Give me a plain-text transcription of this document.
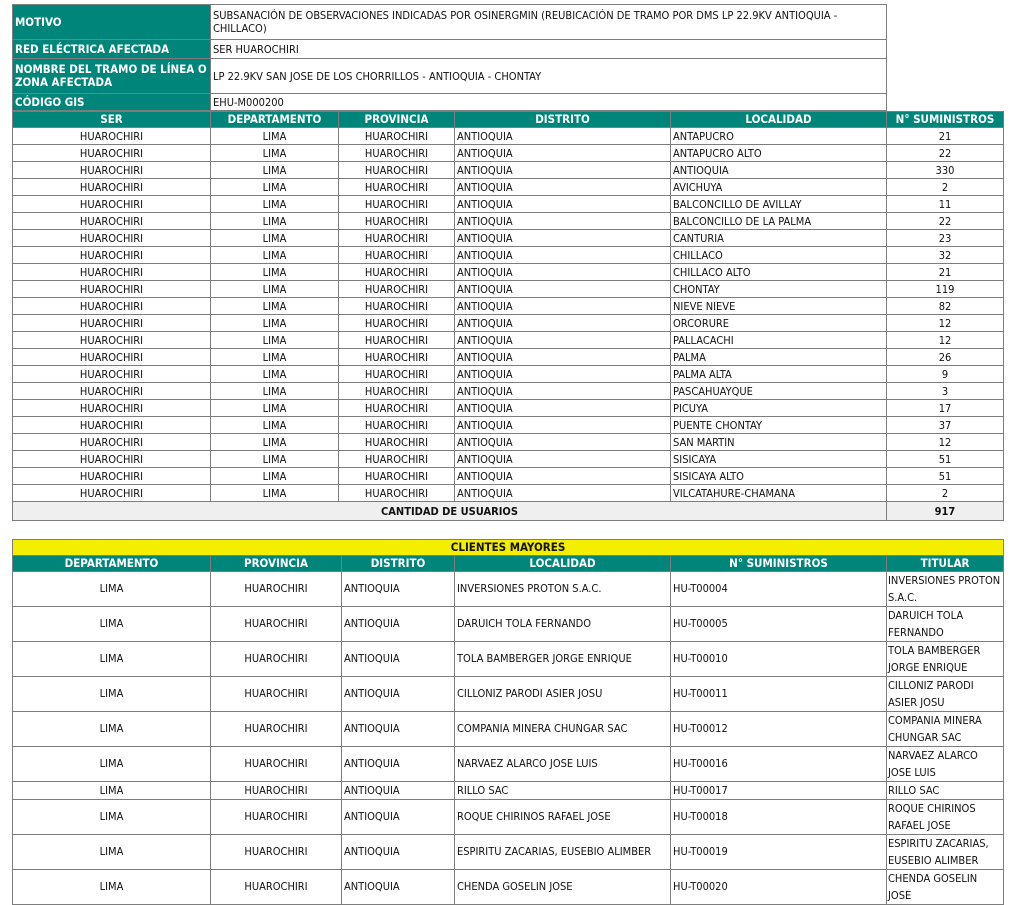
MOTIVO	SUBSANACIÓN DE OBSERVACIONES INDICADAS POR OSINERGMIN (REUBICACIÓN DE TRAMO POR DMS LP 22.9KV ANTIOQUIA - CHILLACO)
RED ELÉCTRICA AFECTADA	SER HUAROCHIRI
NOMBRE DEL TRAMO DE LÍNEA O ZONA AFECTADA	LP 22.9KV SAN JOSE DE LOS CHORRILLOS - ANTIOQUIA - CHONTAY
CÓDIGO GIS	EHU-M000200
SER	DEPARTAMENTO	PROVINCIA	DISTRITO	LOCALIDAD	N° SUMINISTROS
HUAROCHIRI	LIMA	HUAROCHIRI	ANTIOQUIA	ANTAPUCRO	21
HUAROCHIRI	LIMA	HUAROCHIRI	ANTIOQUIA	ANTAPUCRO ALTO	22
HUAROCHIRI	LIMA	HUAROCHIRI	ANTIOQUIA	ANTIOQUIA	330
HUAROCHIRI	LIMA	HUAROCHIRI	ANTIOQUIA	AVICHUYA	2
HUAROCHIRI	LIMA	HUAROCHIRI	ANTIOQUIA	BALCONCILLO DE AVILLAY	11
HUAROCHIRI	LIMA	HUAROCHIRI	ANTIOQUIA	BALCONCILLO DE LA PALMA	22
HUAROCHIRI	LIMA	HUAROCHIRI	ANTIOQUIA	CANTURIA	23
HUAROCHIRI	LIMA	HUAROCHIRI	ANTIOQUIA	CHILLACO	32
HUAROCHIRI	LIMA	HUAROCHIRI	ANTIOQUIA	CHILLACO ALTO	21
HUAROCHIRI	LIMA	HUAROCHIRI	ANTIOQUIA	CHONTAY	119
HUAROCHIRI	LIMA	HUAROCHIRI	ANTIOQUIA	NIEVE NIEVE	82
HUAROCHIRI	LIMA	HUAROCHIRI	ANTIOQUIA	ORCORURE	12
HUAROCHIRI	LIMA	HUAROCHIRI	ANTIOQUIA	PALLACACHI	12
HUAROCHIRI	LIMA	HUAROCHIRI	ANTIOQUIA	PALMA	26
HUAROCHIRI	LIMA	HUAROCHIRI	ANTIOQUIA	PALMA ALTA	9
HUAROCHIRI	LIMA	HUAROCHIRI	ANTIOQUIA	PASCAHUAYQUE	3
HUAROCHIRI	LIMA	HUAROCHIRI	ANTIOQUIA	PICUYA	17
HUAROCHIRI	LIMA	HUAROCHIRI	ANTIOQUIA	PUENTE CHONTAY	37
HUAROCHIRI	LIMA	HUAROCHIRI	ANTIOQUIA	SAN MARTIN	12
HUAROCHIRI	LIMA	HUAROCHIRI	ANTIOQUIA	SISICAYA	51
HUAROCHIRI	LIMA	HUAROCHIRI	ANTIOQUIA	SISICAYA ALTO	51
HUAROCHIRI	LIMA	HUAROCHIRI	ANTIOQUIA	VILCATAHURE-CHAMANA	2
CANTIDAD DE USUARIOS					917
CLIENTES MAYORES					
DEPARTAMENTO	PROVINCIA	DISTRITO	LOCALIDAD	N° SUMINISTROS	TITULAR
LIMA	HUAROCHIRI	ANTIOQUIA	INVERSIONES PROTON S.A.C.	HU-T00004	INVERSIONES PROTON S.A.C.
LIMA	HUAROCHIRI	ANTIOQUIA	DARUICH TOLA FERNANDO	HU-T00005	DARUICH TOLA FERNANDO
LIMA	HUAROCHIRI	ANTIOQUIA	TOLA BAMBERGER JORGE ENRIQUE	HU-T00010	TOLA BAMBERGER JORGE ENRIQUE
LIMA	HUAROCHIRI	ANTIOQUIA	CILLONIZ PARODI ASIER JOSU	HU-T00011	CILLONIZ PARODI ASIER JOSU
LIMA	HUAROCHIRI	ANTIOQUIA	COMPANIA MINERA CHUNGAR SAC	HU-T00012	COMPANIA MINERA CHUNGAR SAC
LIMA	HUAROCHIRI	ANTIOQUIA	NARVAEZ ALARCO JOSE LUIS	HU-T00016	NARVAEZ ALARCO JOSE LUIS
LIMA	HUAROCHIRI	ANTIOQUIA	RILLO SAC	HU-T00017	RILLO SAC
LIMA	HUAROCHIRI	ANTIOQUIA	ROQUE CHIRINOS RAFAEL JOSE	HU-T00018	ROQUE CHIRINOS RAFAEL JOSE
LIMA	HUAROCHIRI	ANTIOQUIA	ESPIRITU ZACARIAS, EUSEBIO ALIMBER	HU-T00019	ESPIRITU ZACARIAS, EUSEBIO ALIMBER
LIMA	HUAROCHIRI	ANTIOQUIA	CHENDA GOSELIN JOSE	HU-T00020	CHENDA GOSELIN JOSE
